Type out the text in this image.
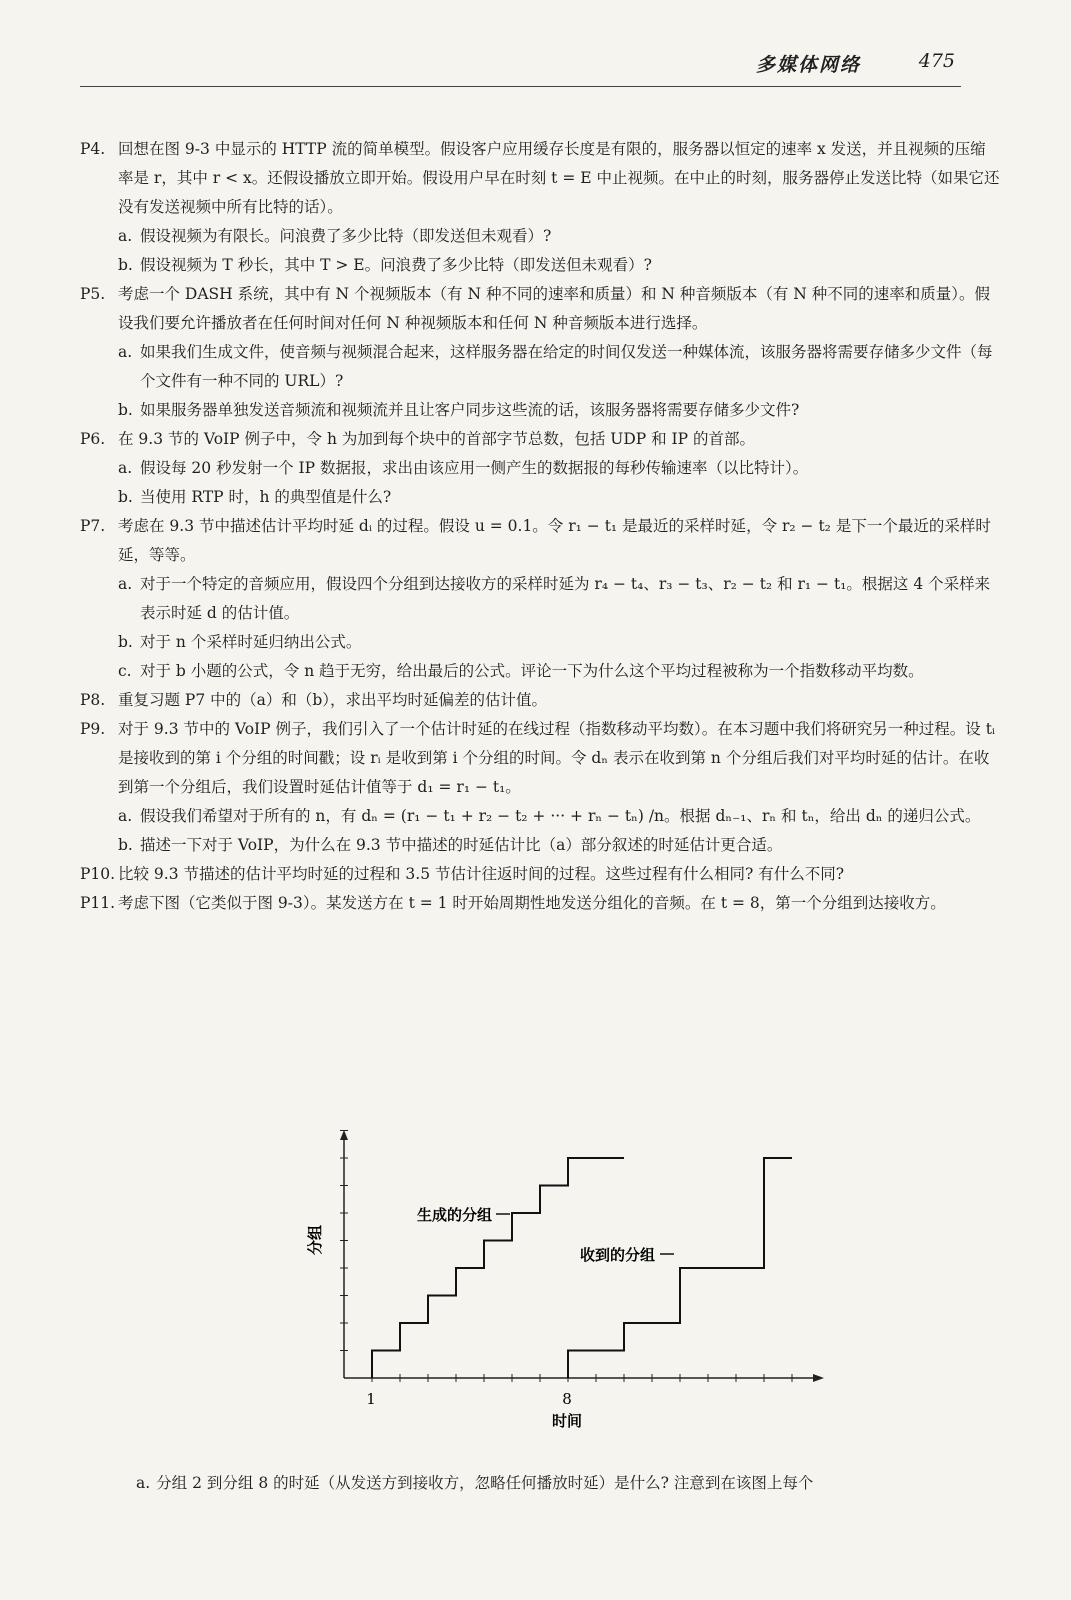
多媒体网络	475
P4. 回想在图 9-3 中显示的 HTTP 流的简单模型。假设客户应用缓存长度是有限的，服务器以恒定的速率 x 发送，并且视频的压缩率是 r，其中 r < x。还假设播放立即开始。假设用户早在时刻 t = E 中止视频。在中止的时刻，服务器停止发送比特（如果它还没有发送视频中所有比特的话）。
a. 假设视频为有限长。问浪费了多少比特（即发送但未观看）?
b. 假设视频为 T 秒长，其中 T > E。问浪费了多少比特（即发送但未观看）?
P5. 考虑一个 DASH 系统，其中有 N 个视频版本（有 N 种不同的速率和质量）和 N 种音频版本（有 N 种不同的速率和质量）。假设我们要允许播放者在任何时间对任何 N 种视频版本和任何 N 种音频版本进行选择。
a. 如果我们生成文件，使音频与视频混合起来，这样服务器在给定的时间仅发送一种媒体流，该服务器将需要存储多少文件（每个文件有一种不同的 URL）?
b. 如果服务器单独发送音频流和视频流并且让客户同步这些流的话，该服务器将需要存储多少文件?
P6. 在 9.3 节的 VoIP 例子中，令 h 为加到每个块中的首部字节总数，包括 UDP 和 IP 的首部。
a. 假设每 20 秒发射一个 IP 数据报，求出由该应用一侧产生的数据报的每秒传输速率（以比特计）。
b. 当使用 RTP 时，h 的典型值是什么?
P7. 考虑在 9.3 节中描述估计平均时延 dᵢ 的过程。假设 u = 0.1。令 r₁ − t₁ 是最近的采样时延，令 r₂ − t₂ 是下一个最近的采样时延，等等。
a. 对于一个特定的音频应用，假设四个分组到达接收方的采样时延为 r₄ − t₄、r₃ − t₃、r₂ − t₂ 和 r₁ − t₁。根据这 4 个采样来表示时延 d 的估计值。
b. 对于 n 个采样时延归纳出公式。
c. 对于 b 小题的公式，令 n 趋于无穷，给出最后的公式。评论一下为什么这个平均过程被称为一个指数移动平均数。
P8. 重复习题 P7 中的（a）和（b），求出平均时延偏差的估计值。
P9. 对于 9.3 节中的 VoIP 例子，我们引入了一个估计时延的在线过程（指数移动平均数）。在本习题中我们将研究另一种过程。设 tᵢ 是接收到的第 i 个分组的时间戳；设 rᵢ 是收到第 i 个分组的时间。令 dₙ 表示在收到第 n 个分组后我们对平均时延的估计。在收到第一个分组后，我们设置时延估计值等于 d₁ = r₁ − t₁。
a. 假设我们希望对于所有的 n，有 dₙ = (r₁ − t₁ + r₂ − t₂ + ··· + rₙ − tₙ) /n。根据 dₙ₋₁、rₙ 和 tₙ，给出 dₙ 的递归公式。
b. 描述一下对于 VoIP，为什么在 9.3 节中描述的时延估计比（a）部分叙述的时延估计更合适。
P10. 比较 9.3 节描述的估计平均时延的过程和 3.5 节估计往返时间的过程。这些过程有什么相同? 有什么不同?
P11. 考虑下图（它类似于图 9-3）。某发送方在 t = 1 时开始周期性地发送分组化的音频。在 t = 8，第一个分组到达接收方。
生成的分组
收到的分组
分组
1	8
时间
a. 分组 2 到分组 8 的时延（从发送方到接收方，忽略任何播放时延）是什么? 注意到在该图上每个
